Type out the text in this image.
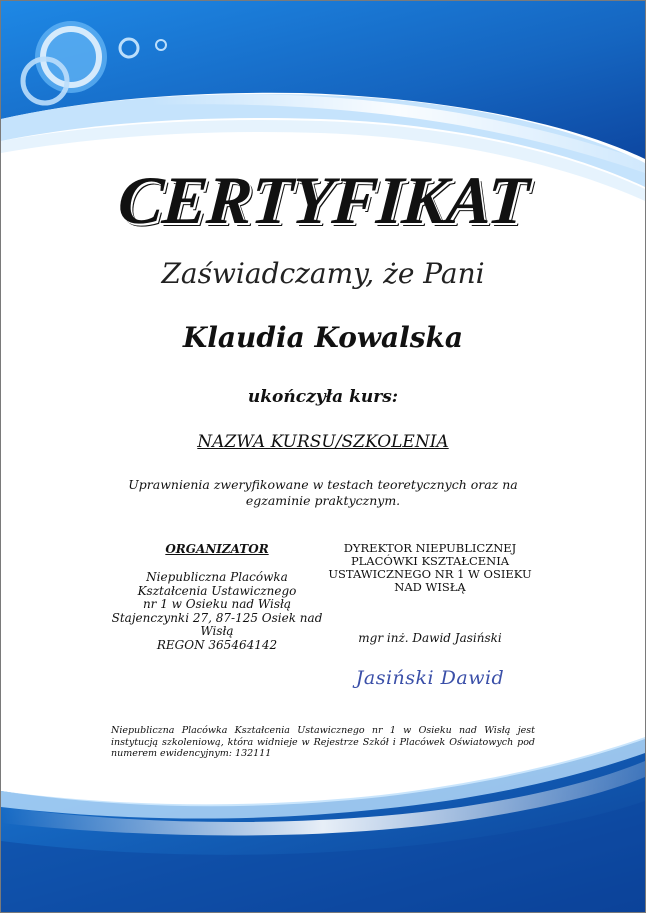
CERTYFIKAT
Zaświadczamy, że Pani
Klaudia Kowalska
ukończyła kurs:
NAZWA KURSU/SZKOLENIA
Uprawnienia zweryfikowane w testach teoretycznych oraz na egzaminie praktycznym.
ORGANIZATOR
Niepubliczna Placówka
Kształcenia Ustawicznego
nr 1 w Osieku nad Wisłą
Stajenczynki 27, 87-125 Osiek nad Wisłą
REGON 365464142
DYREKTOR NIEPUBLICZNEJ PLACÓWKI KSZTAŁCENIA USTAWICZNEGO NR 1 W OSIEKU NAD WISŁĄ
mgr inż. Dawid Jasiński
Jasiński Dawid
Niepubliczna Placówka Kształcenia Ustawicznego nr 1 w Osieku nad Wisłą jest instytucją szkoleniową, która widnieje w Rejestrze Szkół i Placówek Oświatowych pod numerem ewidencyjnym: 132111
